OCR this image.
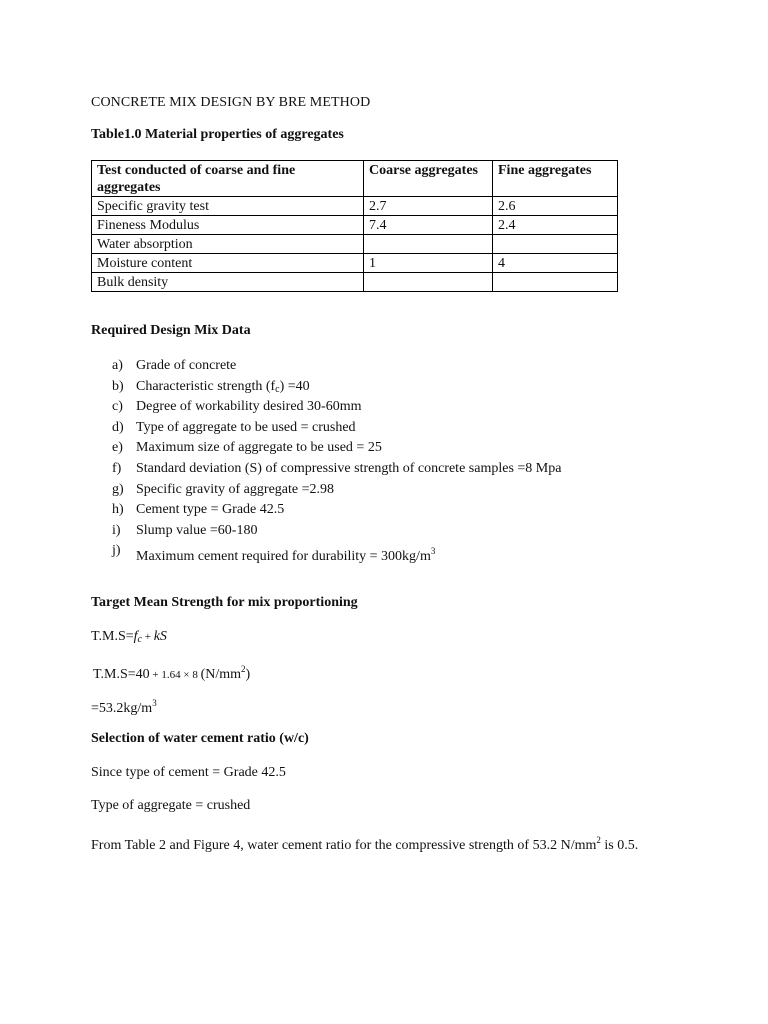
CONCRETE MIX DESIGN BY BRE METHOD
Table1.0 Material properties of aggregates
Test conducted of coarse and fine aggregates	Coarse aggregates	Fine aggregates
Specific gravity test	2.7	2.6
Fineness Modulus	7.4	2.4
Water absorption		
Moisture content	1	4
Bulk density		
Required Design Mix Data
a) Grade of concrete
b) Characteristic strength $(f_c) =40$
c) Degree of workability desired 30-60mm
d) Type of aggregate to be used = crushed
e) Maximum size of aggregate to be used = 25
f)	Standard deviation (S) of compressive strength of concrete samples =8 Mpa
g) Specific gravity of aggregate =2.98
h) Cement type = Grade 42.5
i)	Slump value =60-180
j)	Maximum cement required for durability = $300kg/m^3$
Target Mean Strength for mix proportioning
$T.M.S=f_c$ + kS
T.M.S=40 + 1.64 × 8 $(N/mm^2)$
$=53.2kg/m^3$
Selection of water cement ratio (w/c)
Since type of cement = Grade 42.5
Type of aggregate = crushed
From Table 2 and Figure 4, water cement ratio for the compressive strength of 53.2 $N/mm^2$ is 0.5.
